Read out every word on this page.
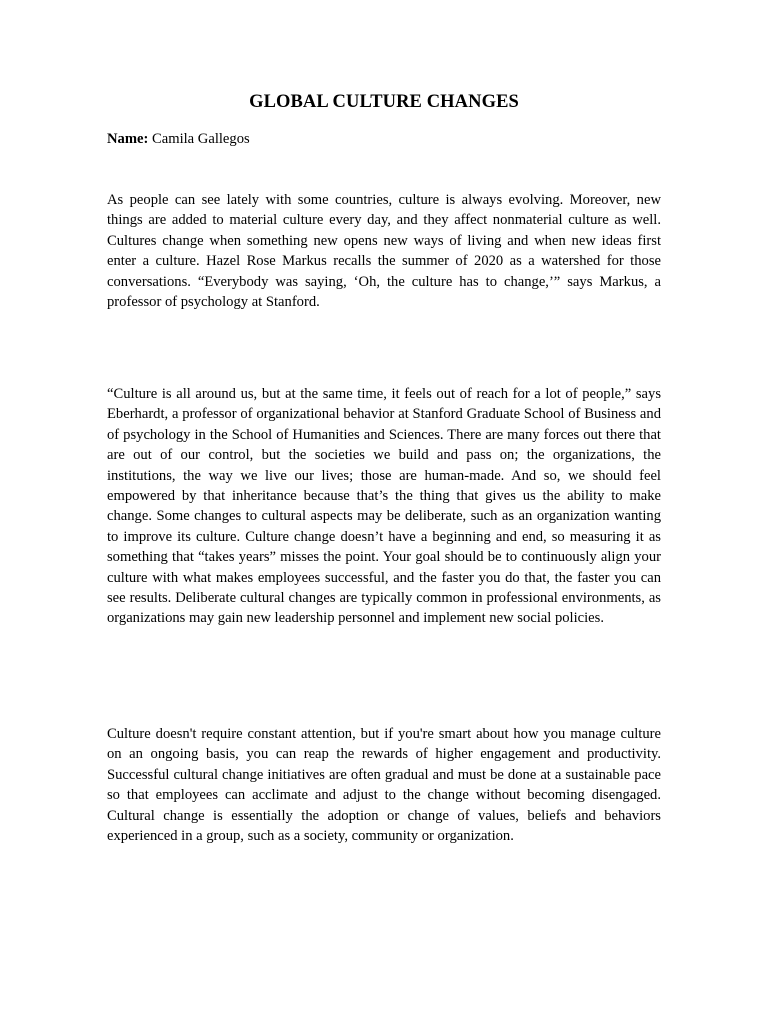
GLOBAL CULTURE CHANGES

Name: Camila Gallegos

As people can see lately with some countries, culture is always evolving. Moreover, new things are added to material culture every day, and they affect nonmaterial culture as well. Cultures change when something new opens new ways of living and when new ideas first enter a culture. Hazel Rose Markus recalls the summer of 2020 as a watershed for those conversations. “Everybody was saying, ‘Oh, the culture has to change,’” says Markus, a professor of psychology at Stanford.

“Culture is all around us, but at the same time, it feels out of reach for a lot of people,” says Eberhardt, a professor of organizational behavior at Stanford Graduate School of Business and of psychology in the School of Humanities and Sciences. There are many forces out there that are out of our control, but the societies we build and pass on; the organizations, the institutions, the way we live our lives; those are human-made. And so, we should feel empowered by that inheritance because that’s the thing that gives us the ability to make change. Some changes to cultural aspects may be deliberate, such as an organization wanting to improve its culture. Culture change doesn’t have a beginning and end, so measuring it as something that “takes years” misses the point. Your goal should be to continuously align your culture with what makes employees successful, and the faster you do that, the faster you can see results. Deliberate cultural changes are typically common in professional environments, as organizations may gain new leadership personnel and implement new social policies.

Culture doesn't require constant attention, but if you're smart about how you manage culture on an ongoing basis, you can reap the rewards of higher engagement and productivity. Successful cultural change initiatives are often gradual and must be done at a sustainable pace so that employees can acclimate and adjust to the change without becoming disengaged. Cultural change is essentially the adoption or change of values, beliefs and behaviors experienced in a group, such as a society, community or organization.
